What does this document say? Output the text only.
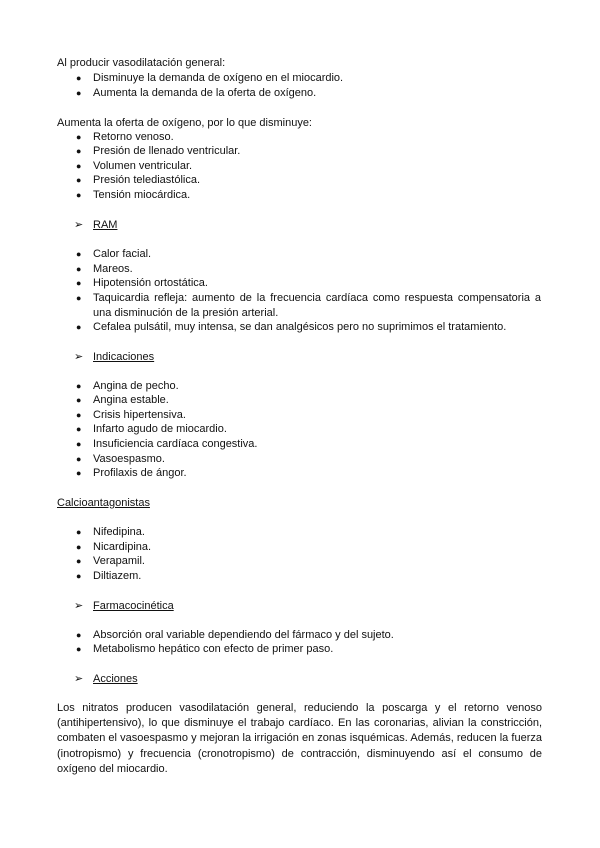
Al producir vasodilatación general:
● Disminuye la demanda de oxígeno en el miocardio.
● Aumenta la demanda de la oferta de oxígeno.
Aumenta la oferta de oxígeno, por lo que disminuye:
● Retorno venoso.
● Presión de llenado ventricular.
● Volumen ventricular.
● Presión telediastólica.
● Tensión miocárdica.
➢ RAM
● Calor facial.
● Mareos.
● Hipotensión ortostática.
● Taquicardia refleja: aumento de la frecuencia cardíaca como respuesta compensatoria a una disminución de la presión arterial.
● Cefalea pulsátil, muy intensa, se dan analgésicos pero no suprimimos el tratamiento.
➢ Indicaciones
● Angina de pecho.
● Angina estable.
● Crisis hipertensiva.
● Infarto agudo de miocardio.
● Insuficiencia cardíaca congestiva.
● Vasoespasmo.
● Profilaxis de ángor.
Calcioantagonistas
● Nifedipina.
● Nicardipina.
● Verapamil.
● Diltiazem.
➢ Farmacocinética
● Absorción oral variable dependiendo del fármaco y del sujeto.
● Metabolismo hepático con efecto de primer paso.
➢ Acciones
Los nitratos producen vasodilatación general, reduciendo la poscarga y el retorno venoso (antihipertensivo), lo que disminuye el trabajo cardíaco. En las coronarias, alivian la constricción, combaten el vasoespasmo y mejoran la irrigación en zonas isquémicas. Además, reducen la fuerza (inotropismo) y frecuencia (cronotropismo) de contracción, disminuyendo así el consumo de oxígeno del miocardio.
